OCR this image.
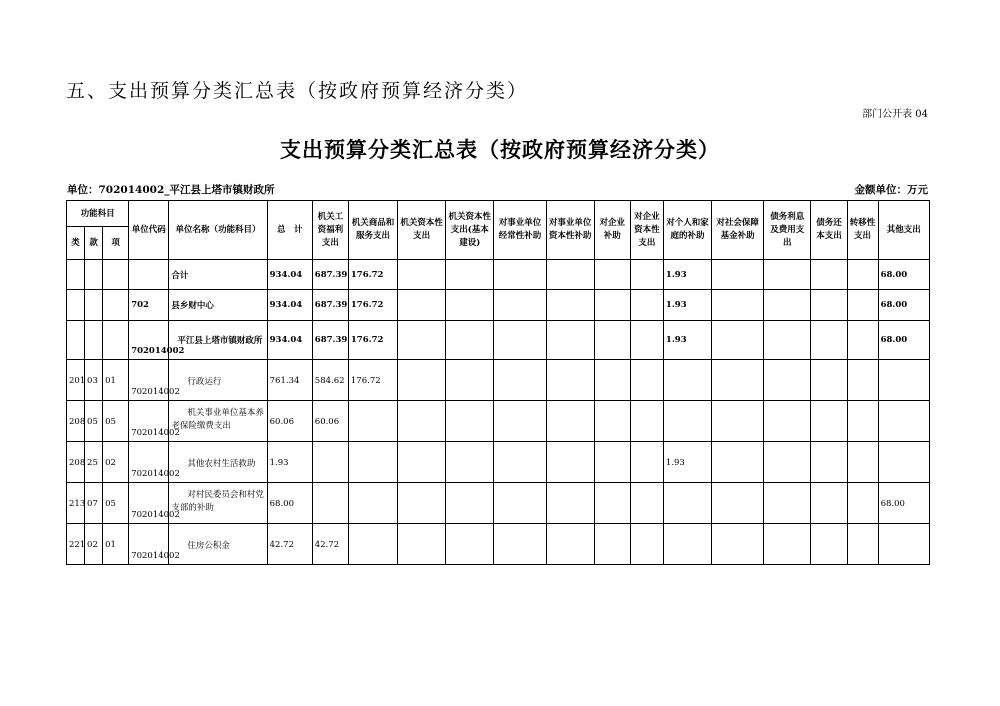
五、支出预算分类汇总表（按政府预算经济分类）
部门公开表 04
支出预算分类汇总表（按政府预算经济分类）
单位：702014002_平江县上塔市镇财政所	金额单位：万元
功能科目			单位代码	单位名称（功能科目）	总　计	机关工资福利支出	机关商品和服务支出	机关资本性支出	机关资本性支出(基本建设)	对事业单位经常性补助	对事业单位资本性补助	对企业补助	对企业资本性支出	对个人和家庭的补助	对社会保障基金补助	债务利息及费用支出	债务还本支出	转移性支出	其他支出
类	款	项																	
				合计	934.04	687.39	176.72							1.93					68.00
			702	县乡财中心	934.04	687.39	176.72							1.93					68.00
			702014002	平江县上塔市镇财政所	934.04	687.39	176.72							1.93					68.00
201	03	01	702014002	行政运行	761.34	584.62	176.72												
208	05	05	702014002	机关事业单位基本养老保险缴费支出	60.06	60.06													
208	25	02	702014002	其他农村生活救助	1.93									1.93					
213	07	05	702014002	对村民委员会和村党支部的补助	68.00														68.00
221	02	01	702014002	住房公积金	42.72	42.72													
